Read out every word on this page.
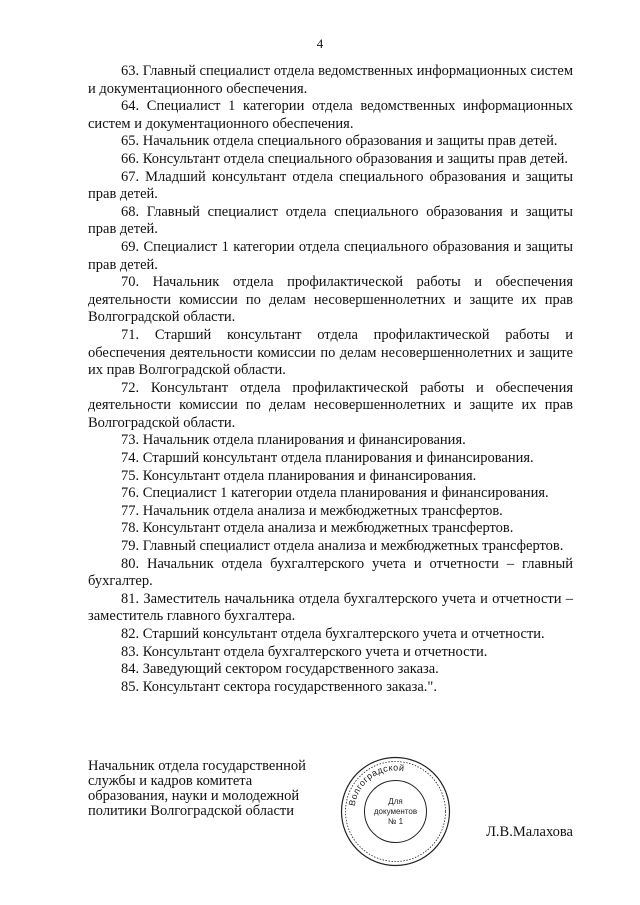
4

63. Главный специалист отдела ведомственных информационных систем и документационного обеспечения.

64. Специалист 1 категории отдела ведомственных информационных систем и документационного обеспечения.

65. Начальник отдела специального образования и защиты прав детей.

66. Консультант отдела специального образования и защиты прав детей.

67. Младший консультант отдела специального образования и защиты прав детей.

68. Главный специалист отдела специального образования и защиты прав детей.

69. Специалист 1 категории отдела специального образования и защиты прав детей.

70. Начальник отдела профилактической работы и обеспечения деятельности комиссии по делам несовершеннолетних и защите их прав Волгоградской области.

71. Старший консультант отдела профилактической работы и обеспечения деятельности комиссии по делам несовершеннолетних и защите их прав Волгоградской области.

72. Консультант отдела профилактической работы и обеспечения деятельности комиссии по делам несовершеннолетних и защите их прав Волгоградской области.

73. Начальник отдела планирования и финансирования.

74. Старший консультант отдела планирования и финансирования.

75. Консультант отдела планирования и финансирования.

76. Специалист 1 категории отдела планирования и финансирования.

77. Начальник отдела анализа и межбюджетных трансфертов.

78. Консультант отдела анализа и межбюджетных трансфертов.

79. Главный специалист отдела анализа и межбюджетных трансфертов.

80. Начальник отдела бухгалтерского учета и отчетности – главный бухгалтер.

81. Заместитель начальника отдела бухгалтерского учета и отчетности – заместитель главного бухгалтера.

82. Старший консультант отдела бухгалтерского учета и отчетности.

83. Консультант отдела бухгалтерского учета и отчетности.

84. Заведующий сектором государственного заказа.

85. Консультант сектора государственного заказа.".

Начальник отдела государственной
службы и кадров комитета
образования, науки и молодежной
политики Волгоградской области
Волгоградской
Для
документов
№ 1
Л.В.Малахова
